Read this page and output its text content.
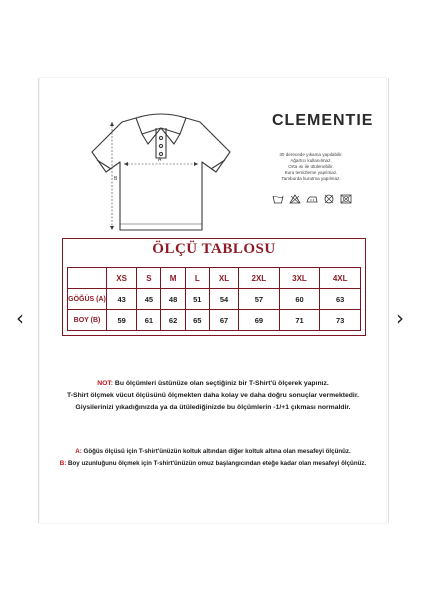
‹	›
A
B
CLEMENTIE
30 derecede yıkama yapılabilir.
Ağartıcı kullanılmaz.
Orta ısı ile ütülenebilir.
Kuru temizleme yapılmaz.
Tamburda kurutma yapılmaz.
ÖLÇÜ TABLOSU
	XS	S	M	L	XL	2XL	3XL	4XL
GÖĞÜS (A)	43	45	48	51	54	57	60	63
BOY (B)	59	61	62	65	67	69	71	73
NOT: Bu ölçümleri üstünüze olan seçtiğiniz bir T-Shirt'ü ölçerek yapınız.
T-Shirt ölçmek vücut ölçüsünü ölçmekten daha kolay ve daha doğru sonuçlar vermektedir.
Giysilerinizi yıkadığınızda ya da ütülediğinizde bu ölçümlerin -1/+1 çıkması normaldir.
A: Göğüs ölçüsü için T-shirt'ünüzün koltuk altından diğer koltuk altına olan mesafeyi ölçünüz.
B: Boy uzunluğunu ölçmek için T-shirt'ünüzün omuz başlangıcından eteğe kadar olan mesafeyi ölçünüz.
